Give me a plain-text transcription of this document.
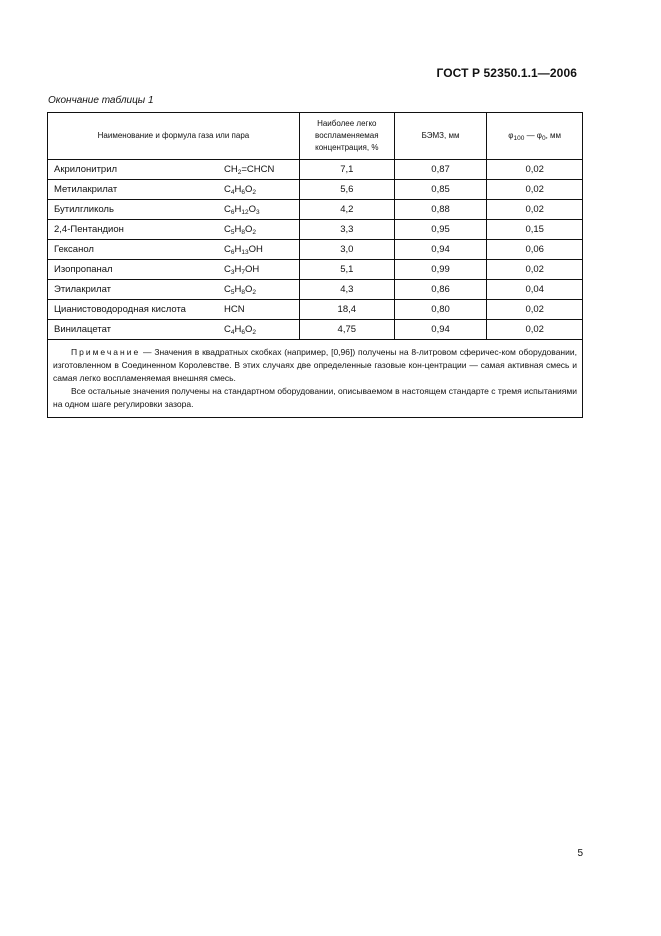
ГОСТ Р 52350.1.1—2006
Окончание таблицы 1
Наименование и формула газа или пара	Наиболее легко воспламеняемая концентрация, %	БЭМЗ, мм	$\varphi_{100}$ — $\varphi_0$, мм

Акрилонитрил $CH_2=CHCN$	7,1	0,87	0,02

Метилакрилат $C_4H_6O_2$	5,6	0,85	0,02

Бутилгликоль $C_6H_{12}O_3$	4,2	0,88	0,02

2,4-Пентандион $C_5H_8O_2$	3,3	0,95	0,15

Гексанол $C_6H_{13}OH$	3,0	0,94	0,06

Изопропанал $C_3H_7OH$	5,1	0,99	0,02

Этилакрилат $C_5H_8O_2$	4,3	0,86	0,04

Цианистоводородная кислота HCN	18,4	0,80	0,02

Винилацетат $C_4H_6O_2$	4,75	0,94	0,02

Примечание — Значения в квадратных скобках (например, [0,96]) получены на 8-литровом сферичес-ком оборудовании, изготовленном в Соединенном Королевстве. В этих случаях две определенные газовые кон-центрации — самая активная смесь и самая легко воспламеняемая внешняя смесь.

Все остальные значения получены на стандартном оборудовании, описываемом в настоящем стандарте с тремя испытаниями на одном шаге регулировки зазора.			

5
